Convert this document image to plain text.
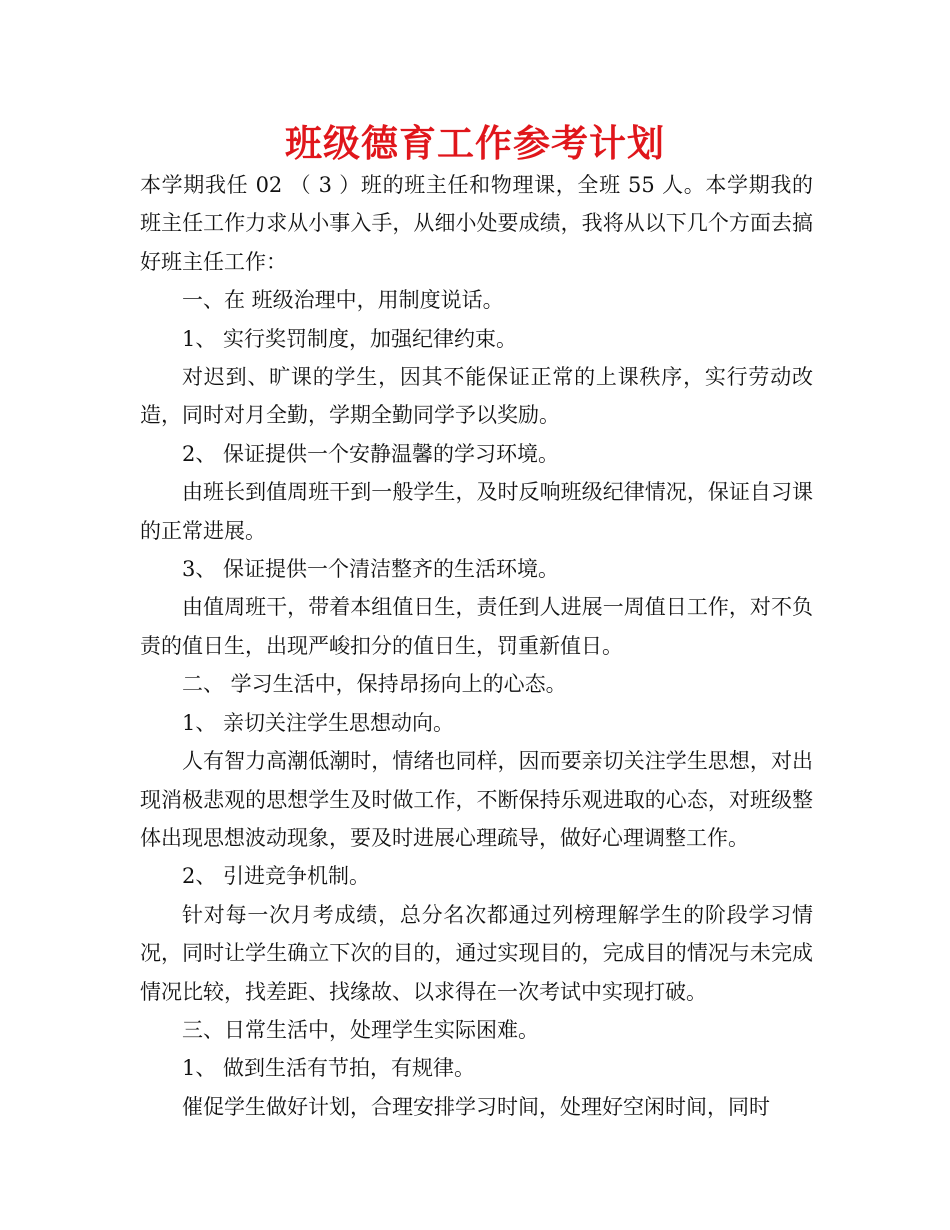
班级德育工作参考计划

本学期我任 02 （ 3 ）班的班主任和物理课，全班 55 人。本学期我的班主任工作力求从小事入手，从细小处要成绩，我将从以下几个方面去搞好班主任工作：

一、在 班级治理中，用制度说话。

1、 实行奖罚制度，加强纪律约束。

对迟到、旷课的学生，因其不能保证正常的上课秩序，实行劳动改造，同时对月全勤，学期全勤同学予以奖励。

2、 保证提供一个安静温馨的学习环境。

由班长到值周班干到一般学生，及时反响班级纪律情况，保证自习课的正常进展。

3、 保证提供一个清洁整齐的生活环境。

由值周班干，带着本组值日生，责任到人进展一周值日工作，对不负责的值日生，出现严峻扣分的值日生，罚重新值日。

二、 学习生活中，保持昂扬向上的心态。

1、 亲切关注学生思想动向。

人有智力高潮低潮时，情绪也同样，因而要亲切关注学生思想，对出现消极悲观的思想学生及时做工作，不断保持乐观进取的心态，对班级整体出现思想波动现象，要及时进展心理疏导，做好心理调整工作。

2、 引进竞争机制。

针对每一次月考成绩，总分名次都通过列榜理解学生的阶段学习情况，同时让学生确立下次的目的，通过实现目的，完成目的情况与未完成情况比较，找差距、找缘故、以求得在一次考试中实现打破。

三、日常生活中，处理学生实际困难。

1、 做到生活有节拍，有规律。

催促学生做好计划，合理安排学习时间，处理好空闲时间，同时
